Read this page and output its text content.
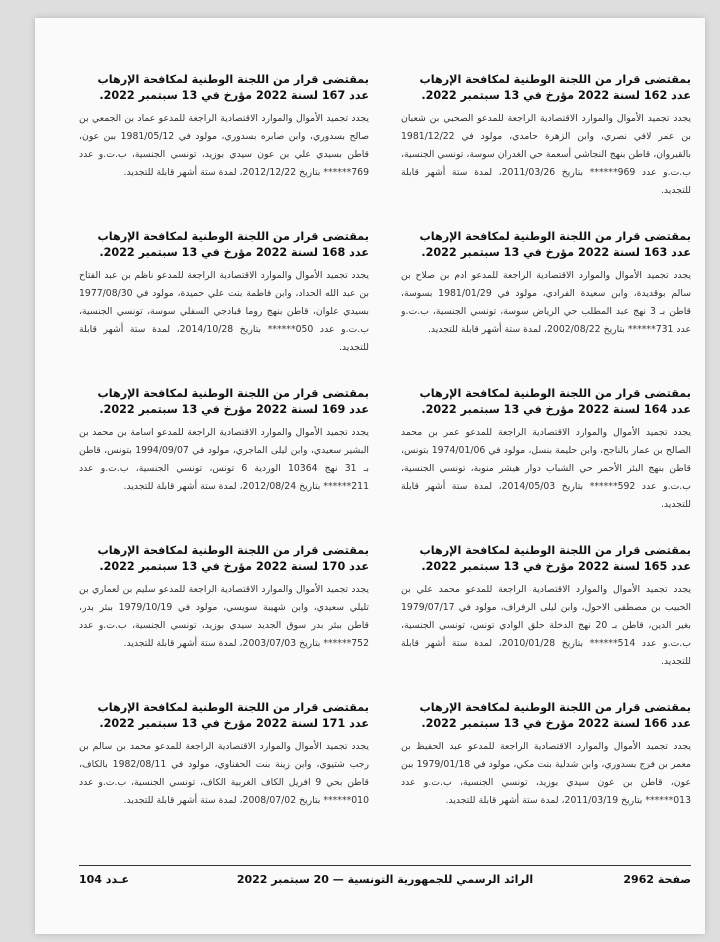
بمقتضى قرار من اللجنة الوطنية لمكافحة الإرهاب عدد 162 لسنة 2022 مؤرخ في 13 سبتمبر 2022.

يجدد تجميد الأموال والموارد الاقتصادية الراجعة للمدعو الصحبي بن شعبان بن عمر لافي نصري، وابن الزهرة حامدي، مولود في 1981/12/22 بالقيروان، قاطن بنهج النجاشي أسعمة حي الغدران سوسة، تونسي الجنسية، ب.ت.و عدد 969****** بتاريخ 2011/03/26، لمدة ستة أشهر قابلة للتجديد.

بمقتضى قرار من اللجنة الوطنية لمكافحة الإرهاب عدد 163 لسنة 2022 مؤرخ في 13 سبتمبر 2022.

يجدد تجميد الأموال والموارد الاقتصادية الراجعة للمدعو ادم بن صلاح بن سالم بوقديدة، وابن سعيدة الفرادي، مولود في 1981/01/29 بسوسة، قاطن بـ 3 نهج عبد المطلب حي الرياض سوسة، تونسي الجنسية، ب.ت.و عدد 731****** بتاريخ 2002/08/22، لمدة ستة أشهر قابلة للتجديد.

بمقتضى قرار من اللجنة الوطنية لمكافحة الإرهاب عدد 164 لسنة 2022 مؤرخ في 13 سبتمبر 2022.

يجدد تجميد الأموال والموارد الاقتصادية الراجعة للمدعو عمر بن محمد الصالح بن عمار بالناجح، وابن حليمة بنسل، مولود في 1974/01/06 بتونس، قاطن بنهج البئر الأحمر حي الشباب دوار هيشر منوبة، تونسي الجنسية، ب.ت.و عدد 592****** بتاريخ 2014/05/03، لمدة ستة أشهر قابلة للتجديد.

بمقتضى قرار من اللجنة الوطنية لمكافحة الإرهاب عدد 165 لسنة 2022 مؤرخ في 13 سبتمبر 2022.

يجدد تجميد الأموال والموارد الاقتصادية الراجعة للمدعو محمد علي بن الحبيب بن مصطفى الاحول، وابن ليلى الرفراف، مولود في 1979/07/17 بغير الدين، قاطن بـ 20 نهج الدخلة حلق الوادي تونس، تونسي الجنسية، ب.ت.و عدد 514****** بتاريخ 2010/01/28، لمدة ستة أشهر قابلة للتجديد.

بمقتضى قرار من اللجنة الوطنية لمكافحة الإرهاب عدد 166 لسنة 2022 مؤرخ في 13 سبتمبر 2022.

يجدد تجميد الأموال والموارد الاقتصادية الراجعة للمدعو عبد الحفيظ بن معمر بن فرج بسدوري، وابن شدلية بنت مكي، مولود في 1979/01/18 ببن عون، قاطن بن عون سيدي بوزيد، تونسي الجنسية، ب.ت.و عدد 013****** بتاريخ 2011/03/19، لمدة ستة أشهر قابلة للتجديد.

بمقتضى قرار من اللجنة الوطنية لمكافحة الإرهاب عدد 167 لسنة 2022 مؤرخ في 13 سبتمبر 2022.

يجدد تجميد الأموال والموارد الاقتصادية الراجعة للمدعو عماد بن الجمعي بن صالح بسدوري، وابن صابره بسدوري، مولود في 1981/05/12 ببن عون، قاطن بسيدي علي بن عون سيدي بوزيد، تونسي الجنسية، ب.ت.و عدد 769****** بتاريخ 2012/12/22، لمدة ستة أشهر قابلة للتجديد.

بمقتضى قرار من اللجنة الوطنية لمكافحة الإرهاب عدد 168 لسنة 2022 مؤرخ في 13 سبتمبر 2022.

يجدد تجميد الأموال والموارد الاقتصادية الراجعة للمدعو ناظم بن عبد الفتاح بن عبد الله الحداد، وابن فاطمة بنت علي حميدة، مولود في 1977/08/30 بسيدي علوان، قاطن بنهج روما قبادجي السفلي سوسة، تونسي الجنسية، ب.ت.و عدد 050****** بتاريخ 2014/10/28، لمدة ستة أشهر قابلة للتجديد.

بمقتضى قرار من اللجنة الوطنية لمكافحة الإرهاب عدد 169 لسنة 2022 مؤرخ في 13 سبتمبر 2022.

يجدد تجميد الأموال والموارد الاقتصادية الراجعة للمدعو اسامة بن محمد بن البشير سعيدي، وابن ليلى الماجري، مولود في 1994/09/07 بتونس، قاطن بـ 31 نهج 10364 الوردية 6 تونس، تونسي الجنسية، ب.ت.و عدد 211****** بتاريخ 2012/08/24، لمدة ستة أشهر قابلة للتجديد.

بمقتضى قرار من اللجنة الوطنية لمكافحة الإرهاب عدد 170 لسنة 2022 مؤرخ في 13 سبتمبر 2022.

يجدد تجميد الأموال والموارد الاقتصادية الراجعة للمدعو سليم بن لعماري بن تليلي سعيدي، وابن شهيبة سويسي، مولود في 1979/10/19 ببئر بدر، قاطن ببئر بدر سوق الجديد سيدي بوزيد، تونسي الجنسية، ب.ت.و عدد 752****** بتاريخ 2003/07/03، لمدة ستة أشهر قابلة للتجديد.

بمقتضى قرار من اللجنة الوطنية لمكافحة الإرهاب عدد 171 لسنة 2022 مؤرخ في 13 سبتمبر 2022.

يجدد تجميد الأموال والموارد الاقتصادية الراجعة للمدعو محمد بن سالم بن رجب شتيوي، وابن زينة بنت الحفناوي، مولود في 1982/08/11 بالكاف، قاطن بحي 9 افريل الكاف الغربية الكاف، تونسي الجنسية، ب.ت.و عدد 010****** بتاريخ 2008/07/02، لمدة ستة أشهر قابلة للتجديد.

صفحة 2962
الرائد الرسمي للجمهورية التونسية — 20 سبتمبر 2022
عـدد 104
